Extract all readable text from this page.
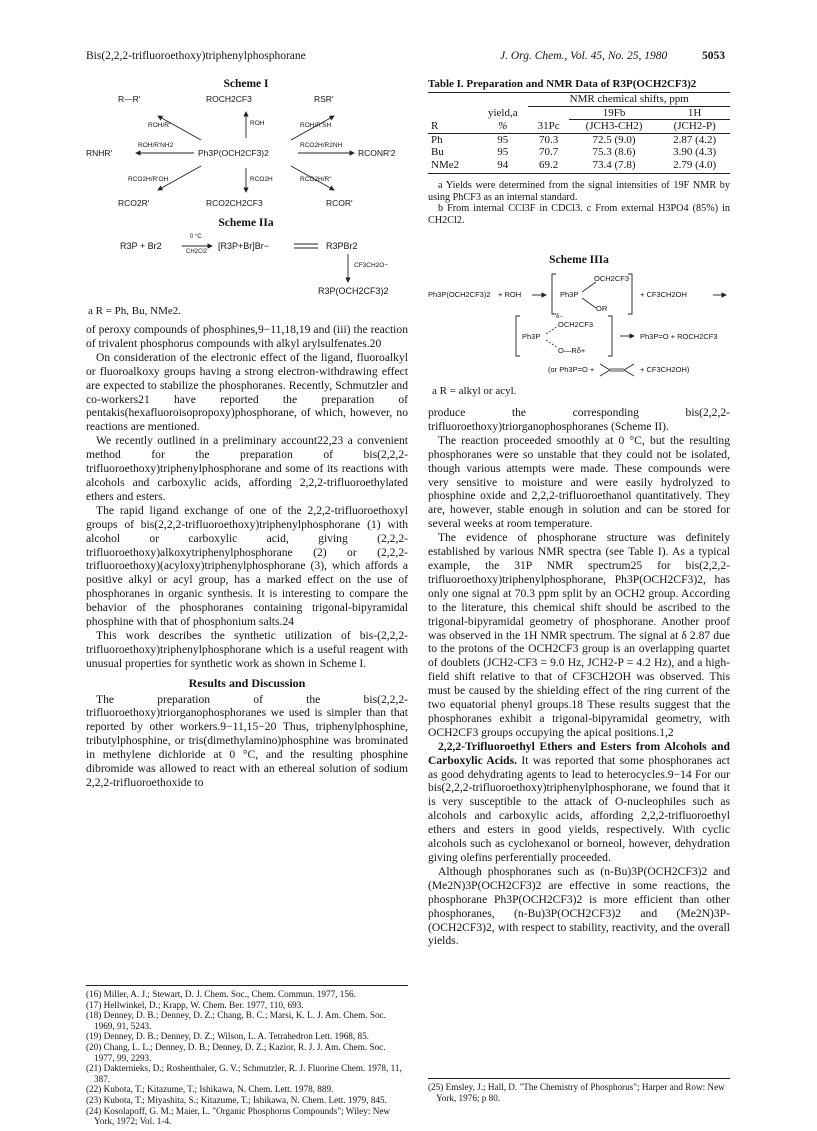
Bis(2,2,2-trifluoroethoxy)triphenylphosphorane	J. Org. Chem., Vol. 45, No. 25, 1980	5053
Scheme I
R—R'	ROCH2CF3	RSR'
ROH/R"	ROH	ROH/R'SH
RNHR'
ROH/R'NH2
Ph3P(OCH2CF3)2
RCO2H/R2NH
RCONR'2
RCO2H/R'OH	RCO2H	RCO2H/R"
RCO2R'	RCO2CH2CF3	RCOR'
Scheme IIa
R3P + Br2
0 °C
CH2Cl2
[R3P+Br]Br−	R3PBr2
CF3CH2O−
R3P(OCH2CF3)2
a R = Ph, Bu, NMe2.

of peroxy compounds of phosphines,9−11,18,19 and (iii) the reaction of trivalent phosphorus compounds with alkyl arylsulfenates.20

On consideration of the electronic effect of the ligand, fluoroalkyl or fluoroalkoxy groups having a strong electron-withdrawing effect are expected to stabilize the phosphoranes. Recently, Schmutzler and co-workers21 have reported the preparation of pentakis(hexafluoroisopropoxy)phosphorane, of which, however, no reactions are mentioned.

We recently outlined in a preliminary account22,23 a convenient method for the preparation of bis(2,2,2-trifluoroethoxy)triphenylphosphorane and some of its reactions with alcohols and carboxylic acids, affording 2,2,2-trifluoroethylated ethers and esters.

The rapid ligand exchange of one of the 2,2,2-trifluoroethoxyl groups of bis(2,2,2-trifluoroethoxy)triphenylphosphorane (1) with alcohol or carboxylic acid, giving (2,2,2-trifluoroethoxy)alkoxytriphenylphosphorane (2) or (2,2,2-trifluoroethoxy)(acyloxy)triphenylphosphorane (3), which affords a positive alkyl or acyl group, has a marked effect on the use of phosphoranes in organic synthesis. It is interesting to compare the behavior of the phosphoranes containing trigonal-bipyramidal phosphine with that of phosphonium salts.24

This work describes the synthetic utilization of bis-(2,2,2-trifluoroethoxy)triphenylphosphorane which is a useful reagent with unusual properties for synthetic work as shown in Scheme I.

Results and Discussion

The preparation of the bis(2,2,2-trifluoroethoxy)triorganophosphoranes we used is simpler than that reported by other workers.9−11,15−20 Thus, triphenylphosphine, tributylphosphine, or tris(dimethylamino)phosphine was brominated in methylene dichloride at 0 °C, and the resulting phosphine dibromide was allowed to react with an ethereal solution of sodium 2,2,2-trifluoroethoxide to

(16) Miller, A. J.; Stewart, D. J. Chem. Soc., Chem. Commun. 1977, 156.
(17) Hellwinkel, D.; Krapp, W. Chem. Ber. 1977, 110, 693.
(18) Denney, D. B.; Denney, D. Z.; Chang, B. C.; Marsi, K. L. J. Am. Chem. Soc. 1969, 91, 5243.
(19) Denney, D. B.; Denney, D. Z.; Wilson, L. A. Tetrahedron Lett. 1968, 85.
(20) Chang, L. L.; Denney, D. B.; Denney, D. Z.; Kazior, R. J. J. Am. Chem. Soc. 1977, 99, 2293.
(21) Dakternieks, D.; Roshenthaler, G. V.; Schmutzler, R. J. Fluorine Chem. 1978, 11, 387.
(22) Kubota, T.; Kitazume, T.; Ishikawa, N. Chem. Lett. 1978, 889.
(23) Kubota, T.; Miyashita, S.; Kitazume, T.; Ishikawa, N. Chem. Lett. 1979, 845.
(24) Kosolapoff, G. M.; Maier, L. "Organic Phosphorus Compounds"; Wiley: New York, 1972; Vol. 1-4.
Table I. Preparation and NMR Data of R3P(OCH2CF3)2
		NMR chemical shifts, ppm		
	yield,a		19Fb	1H
R	%	31Pc	(JCH3-CH2)	(JCH2-P)
Ph	95	70.3	72.5 (9.0)	2.87 (4.2)
Bu	95	70.7	75.3 (8.6)	3.90 (4.3)
NMe2	94	69.2	73.4 (7.8)	2.79 (4.0)
a Yields were determined from the signal intensities of 19F NMR by using PhCF3 as an internal standard.
b From internal CCl3F in CDCl3. c From external H3PO4 (85%) in CH2Cl2.
Scheme IIIa
Ph3P(OCH2CF3)2 + ROH
OCH2CF3
Ph3P
OR
+ CF3CH2OH
δ−
OCH2CF3
Ph3P
O—Rδ+
Ph3P=O + ROCH2CF3
(or Ph3P=O +	+ CF3CH2OH)
a R = alkyl or acyl.

produce the corresponding bis(2,2,2-trifluoroethoxy)triorganophosphoranes (Scheme II).

The reaction proceeded smoothly at 0 °C, but the resulting phosphoranes were so unstable that they could not be isolated, though various attempts were made. These compounds were very sensitive to moisture and were easily hydrolyzed to phosphine oxide and 2,2,2-trifluoroethanol quantitatively. They are, however, stable enough in solution and can be stored for several weeks at room temperature.

The evidence of phosphorane structure was definitely established by various NMR spectra (see Table I). As a typical example, the 31P NMR spectrum25 for bis(2,2,2-trifluoroethoxy)triphenylphosphorane, Ph3P(OCH2CF3)2, has only one signal at 70.3 ppm split by an OCH2 group. According to the literature, this chemical shift should be ascribed to the trigonal-bipyramidal geometry of phosphorane. Another proof was observed in the 1H NMR spectrum. The signal at δ 2.87 due to the protons of the OCH2CF3 group is an overlapping quartet of doublets (JCH2-CF3 = 9.0 Hz, JCH2-P = 4.2 Hz), and a high-field shift relative to that of CF3CH2OH was observed. This must be caused by the shielding effect of the ring current of the two equatorial phenyl groups.18 These results suggest that the phosphoranes exhibit a trigonal-bipyramidal geometry, with OCH2CF3 groups occupying the apical positions.1,2

2,2,2-Trifluoroethyl Ethers and Esters from Alcohols and Carboxylic Acids. It was reported that some phosphoranes act as good dehydrating agents to lead to heterocycles.9−14 For our bis(2,2,2-trifluoroethoxy)triphenylphosphorane, we found that it is very susceptible to the attack of O-nucleophiles such as alcohols and carboxylic acids, affording 2,2,2-trifluoroethyl ethers and esters in good yields, respectively. With cyclic alcohols such as cyclohexanol or borneol, however, dehydration giving olefins perferentially proceeded.

Although phosphoranes such as (n-Bu)3P(OCH2CF3)2 and (Me2N)3P(OCH2CF3)2 are effective in some reactions, the phosphorane Ph3P(OCH2CF3)2 is more efficient than other phosphoranes, (n-Bu)3P(OCH2CF3)2 and (Me2N)3P-(OCH2CF3)2, with respect to stability, reactivity, and the overall yields.

(25) Emsley, J.; Hall, D. "The Chemistry of Phosphorus"; Harper and Row: New York, 1976; p 80.
